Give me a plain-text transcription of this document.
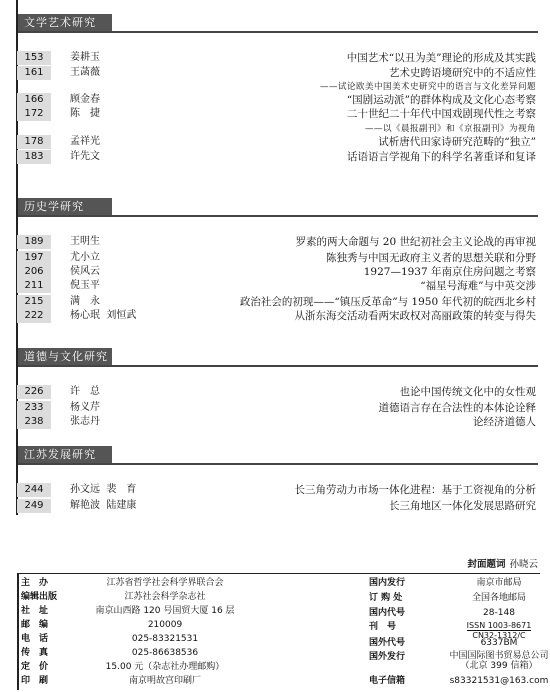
文学艺术研究
153	姜耕玉	中国艺术“以丑为美”理论的形成及其实践
161	王菡薇	艺术史跨语境研究中的不适应性
——试论欧美中国美术史研究中的语言与文化差异问题
166	顾金春	“国剧运动派”的群体构成及文化心态考察
172	陈　捷	二十世纪二十年代中国戏剧现代性之考察
——以《晨报副刊》和《京报副刊》为视角
178	孟祥光	试析唐代田家诗研究范畴的“独立”
183	许先文	话语语言学视角下的科学名著重译和复译
历史学研究
189	王明生	罗素的两大命题与 20 世纪初社会主义论战的再审视
197	尤小立	陈独秀与中国无政府主义者的思想关联和分野
206	侯风云	1927—1937 年南京住房问题之考察
211	倪玉平	“福星号海难”与中英交涉
215	满　永	政治社会的初现——“镇压反革命”与 1950 年代初的皖西北乡村
222	杨心珉  刘恒武	从浙东海交活动看两宋政权对高丽政策的转变与得失
道德与文化研究
226	许　总	也论中国传统文化中的女性观
233	杨义芹	道德语言存在合法性的本体论诠释
238	张志丹	论经济道德人
江苏发展研究
244	孙文远  裴　育	长三角劳动力市场一体化进程：基于工资视角的分析
249	解艳波  陆建康	长三角地区一体化发展思路研究
封面题词 孙晓云
主　办	江苏省哲学社会科学界联合会
编辑出版	江苏社会科学杂志社
社　址	南京山西路 120 号国贸大厦 16 层
邮　编	210009
电　话	025-83321531
传　真	025-86638536
定　价	15.00 元（杂志社办理邮购）
印　刷	南京明故宫印刷厂
国内发行	南京市邮局
订 购 处	全国各地邮局
国内代号	28-148
刊　号	ISSN 1003-8671
CN32-1312/C
国外代号	6337BM
国外发行	中国国际图书贸易总公司
（北京 399 信箱）
电子信箱	s83321531@163.com
